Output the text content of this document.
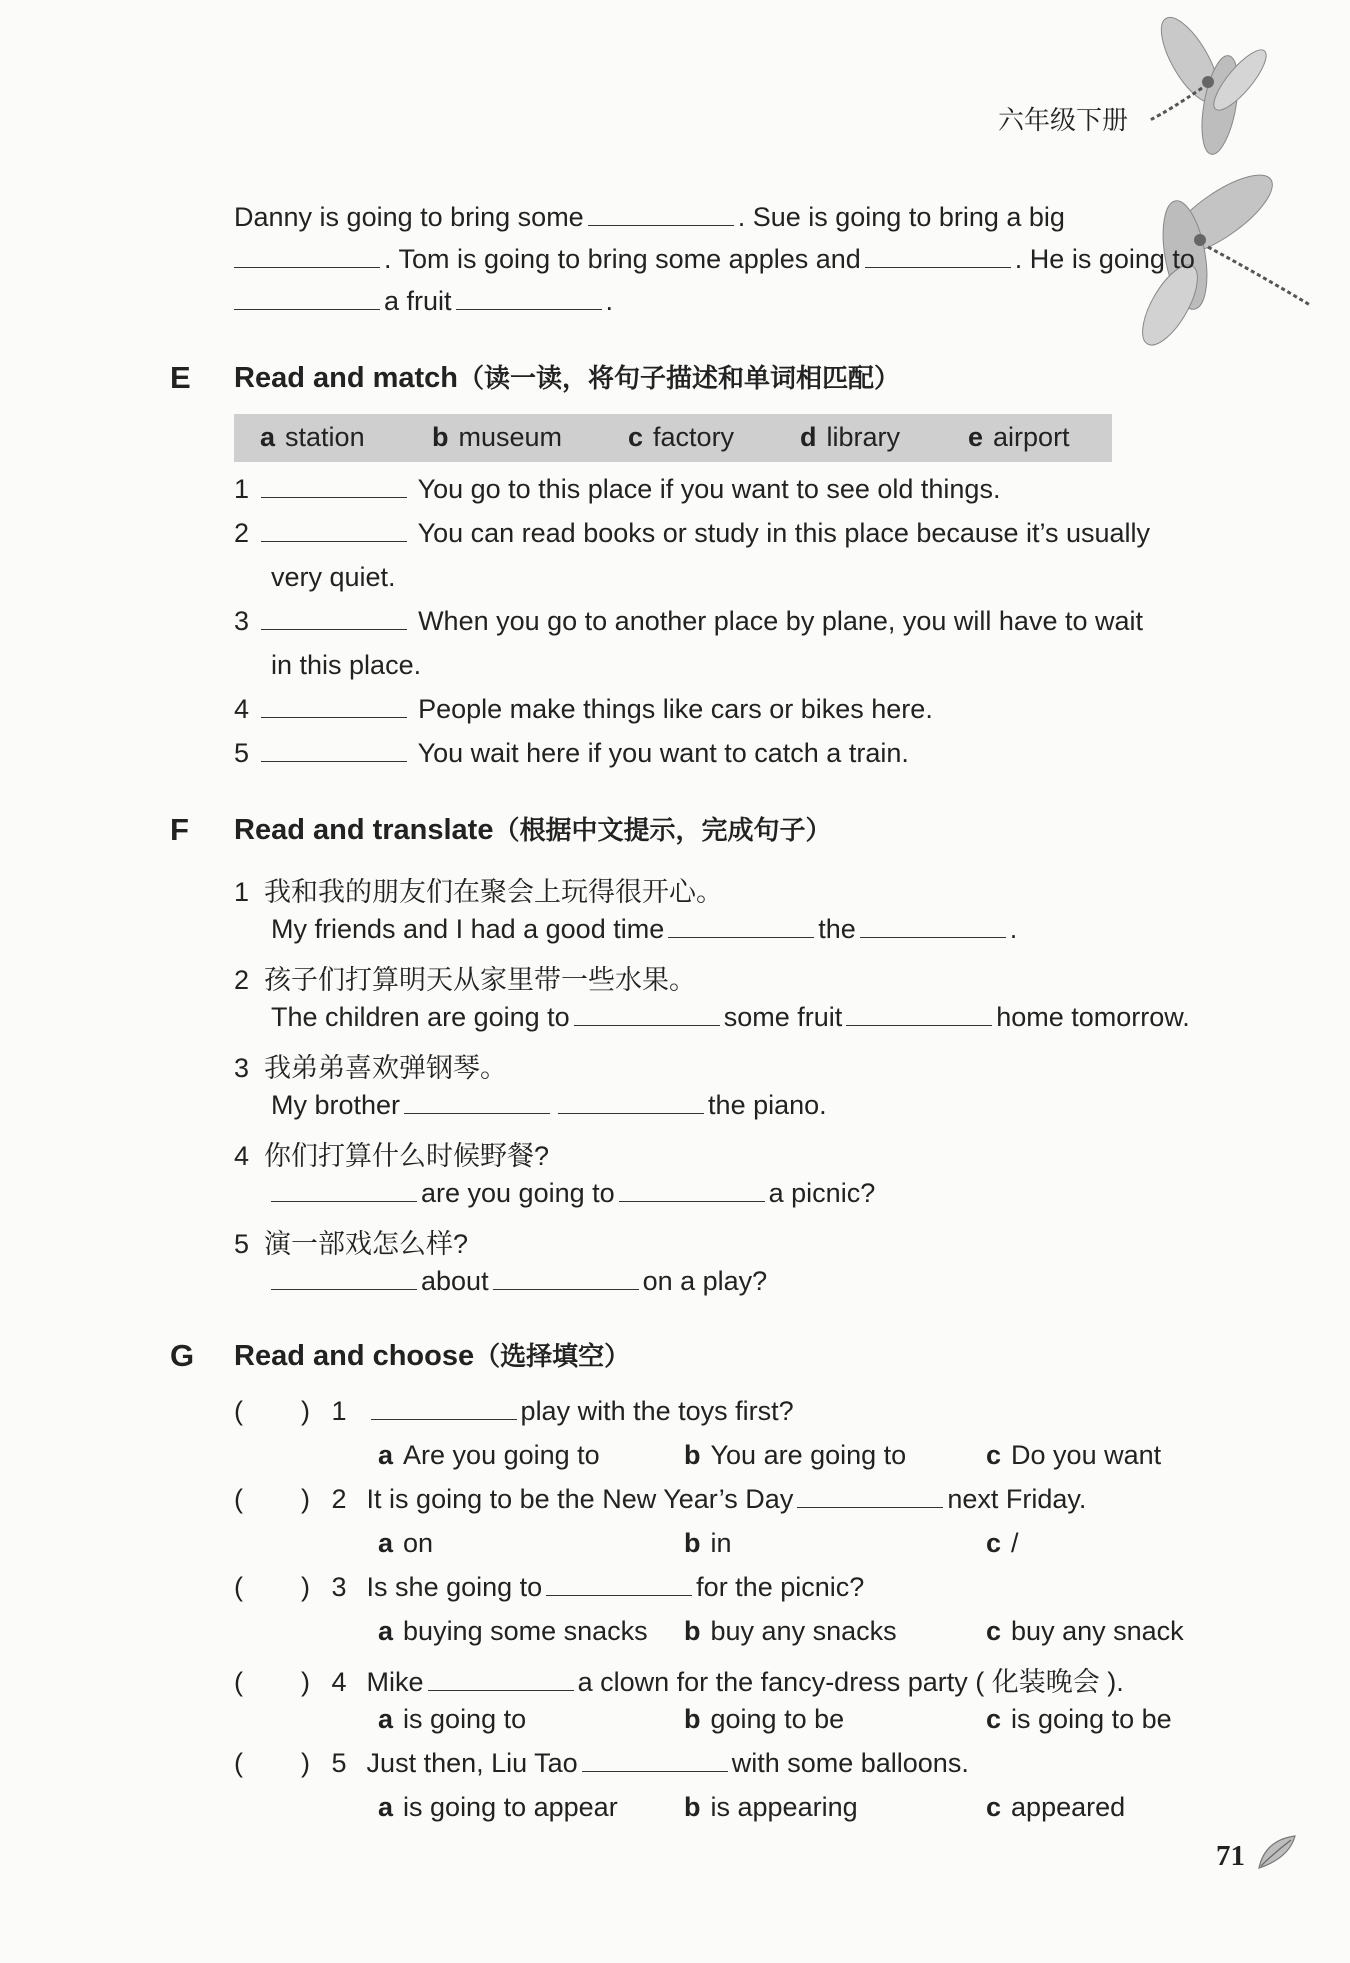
六年级下册
Danny is going to bring some	. Sue is going to bring a big
. Tom is going to bring some apples and	. He is going to
a fruit	.
E Read and match（读一读，将句子描述和单词相匹配）
a station b museum c factory d library	e airport
1	You go to this place if you want to see old things.
2	You can read books or study in this place because it’s usually
very quiet.
3	When you go to another place by plane, you will have to wait
in this place.
4	People make things like cars or bikes here.
5	You wait here if you want to catch a train.
F Read and translate（根据中文提示，完成句子）
1 我和我的朋友们在聚会上玩得很开心。
My friends and I had a good time	the	.
2 孩子们打算明天从家里带一些水果。
The children are going to	some fruit	home tomorrow.
3 我弟弟喜欢弹钢琴。
My brother	the piano.
4 你们打算什么时候野餐?
are you going to	a picnic?
5 演一部戏怎么样?
about	on a play?
G Read and choose（选择填空）
( ) 1	play with the toys first?
a Are you going to	b You are going to	c Do you want
( ) 2 It is going to be the New Year’s Day	next Friday.
a on	b in	c /
( ) 3 Is she going to	for the picnic?
a buying some snacks b buy any snacks	c buy any snack
( ) 4 Mike	a clown for the fancy-dress party ( 化装晚会 ).
a is going to	b going to be	c is going to be
( ) 5 Just then, Liu Tao	with some balloons.
a is going to appear b is appearing	c appeared
71
